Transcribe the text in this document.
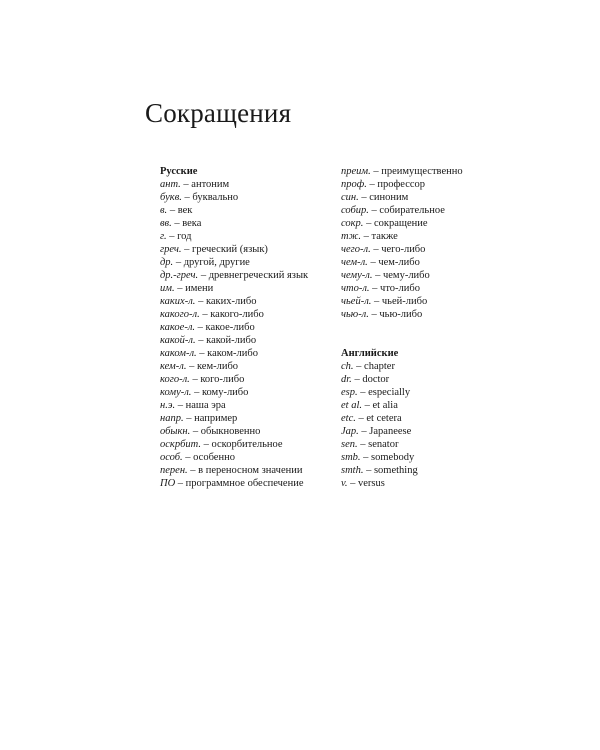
Сокращения

Русские

ант. – антоним

букв. – буквально

в. – век

вв. – века

г. – год

греч. – греческий (язык)

др. – другой, другие

др.-греч. – древнегреческий язык

им. – имени

каких-л. – каких-либо

какого-л. – какого-либо

какое-л. – какое-либо

какой-л. – какой-либо

каком-л. – каком-либо

кем-л. – кем-либо

кого-л. – кого-либо

кому-л. – кому-либо

н.э. – наша эра

напр. – например

обыкн. – обыкновенно

оскрбит. – оскорбительное

особ. – особенно

перен. – в переносном значении

ПО – программное обеспечение

преим. – преимущественно

проф. – профессор

син. – синоним

собир. – собирательное

сокр. – сокращение

тж. – также

чего-л. – чего-либо

чем-л. – чем-либо

чему-л. – чему-либо

что-л. – что-либо

чьей-л. – чьей-либо

чью-л. – чью-либо

Английские

ch. – chapter

dr. – doctor

esp. – especially

et al. – et alia

etc. – et cetera

Jap. – Japaneese

sen. – senator

smb. – somebody

smth. – something

v. – versus
